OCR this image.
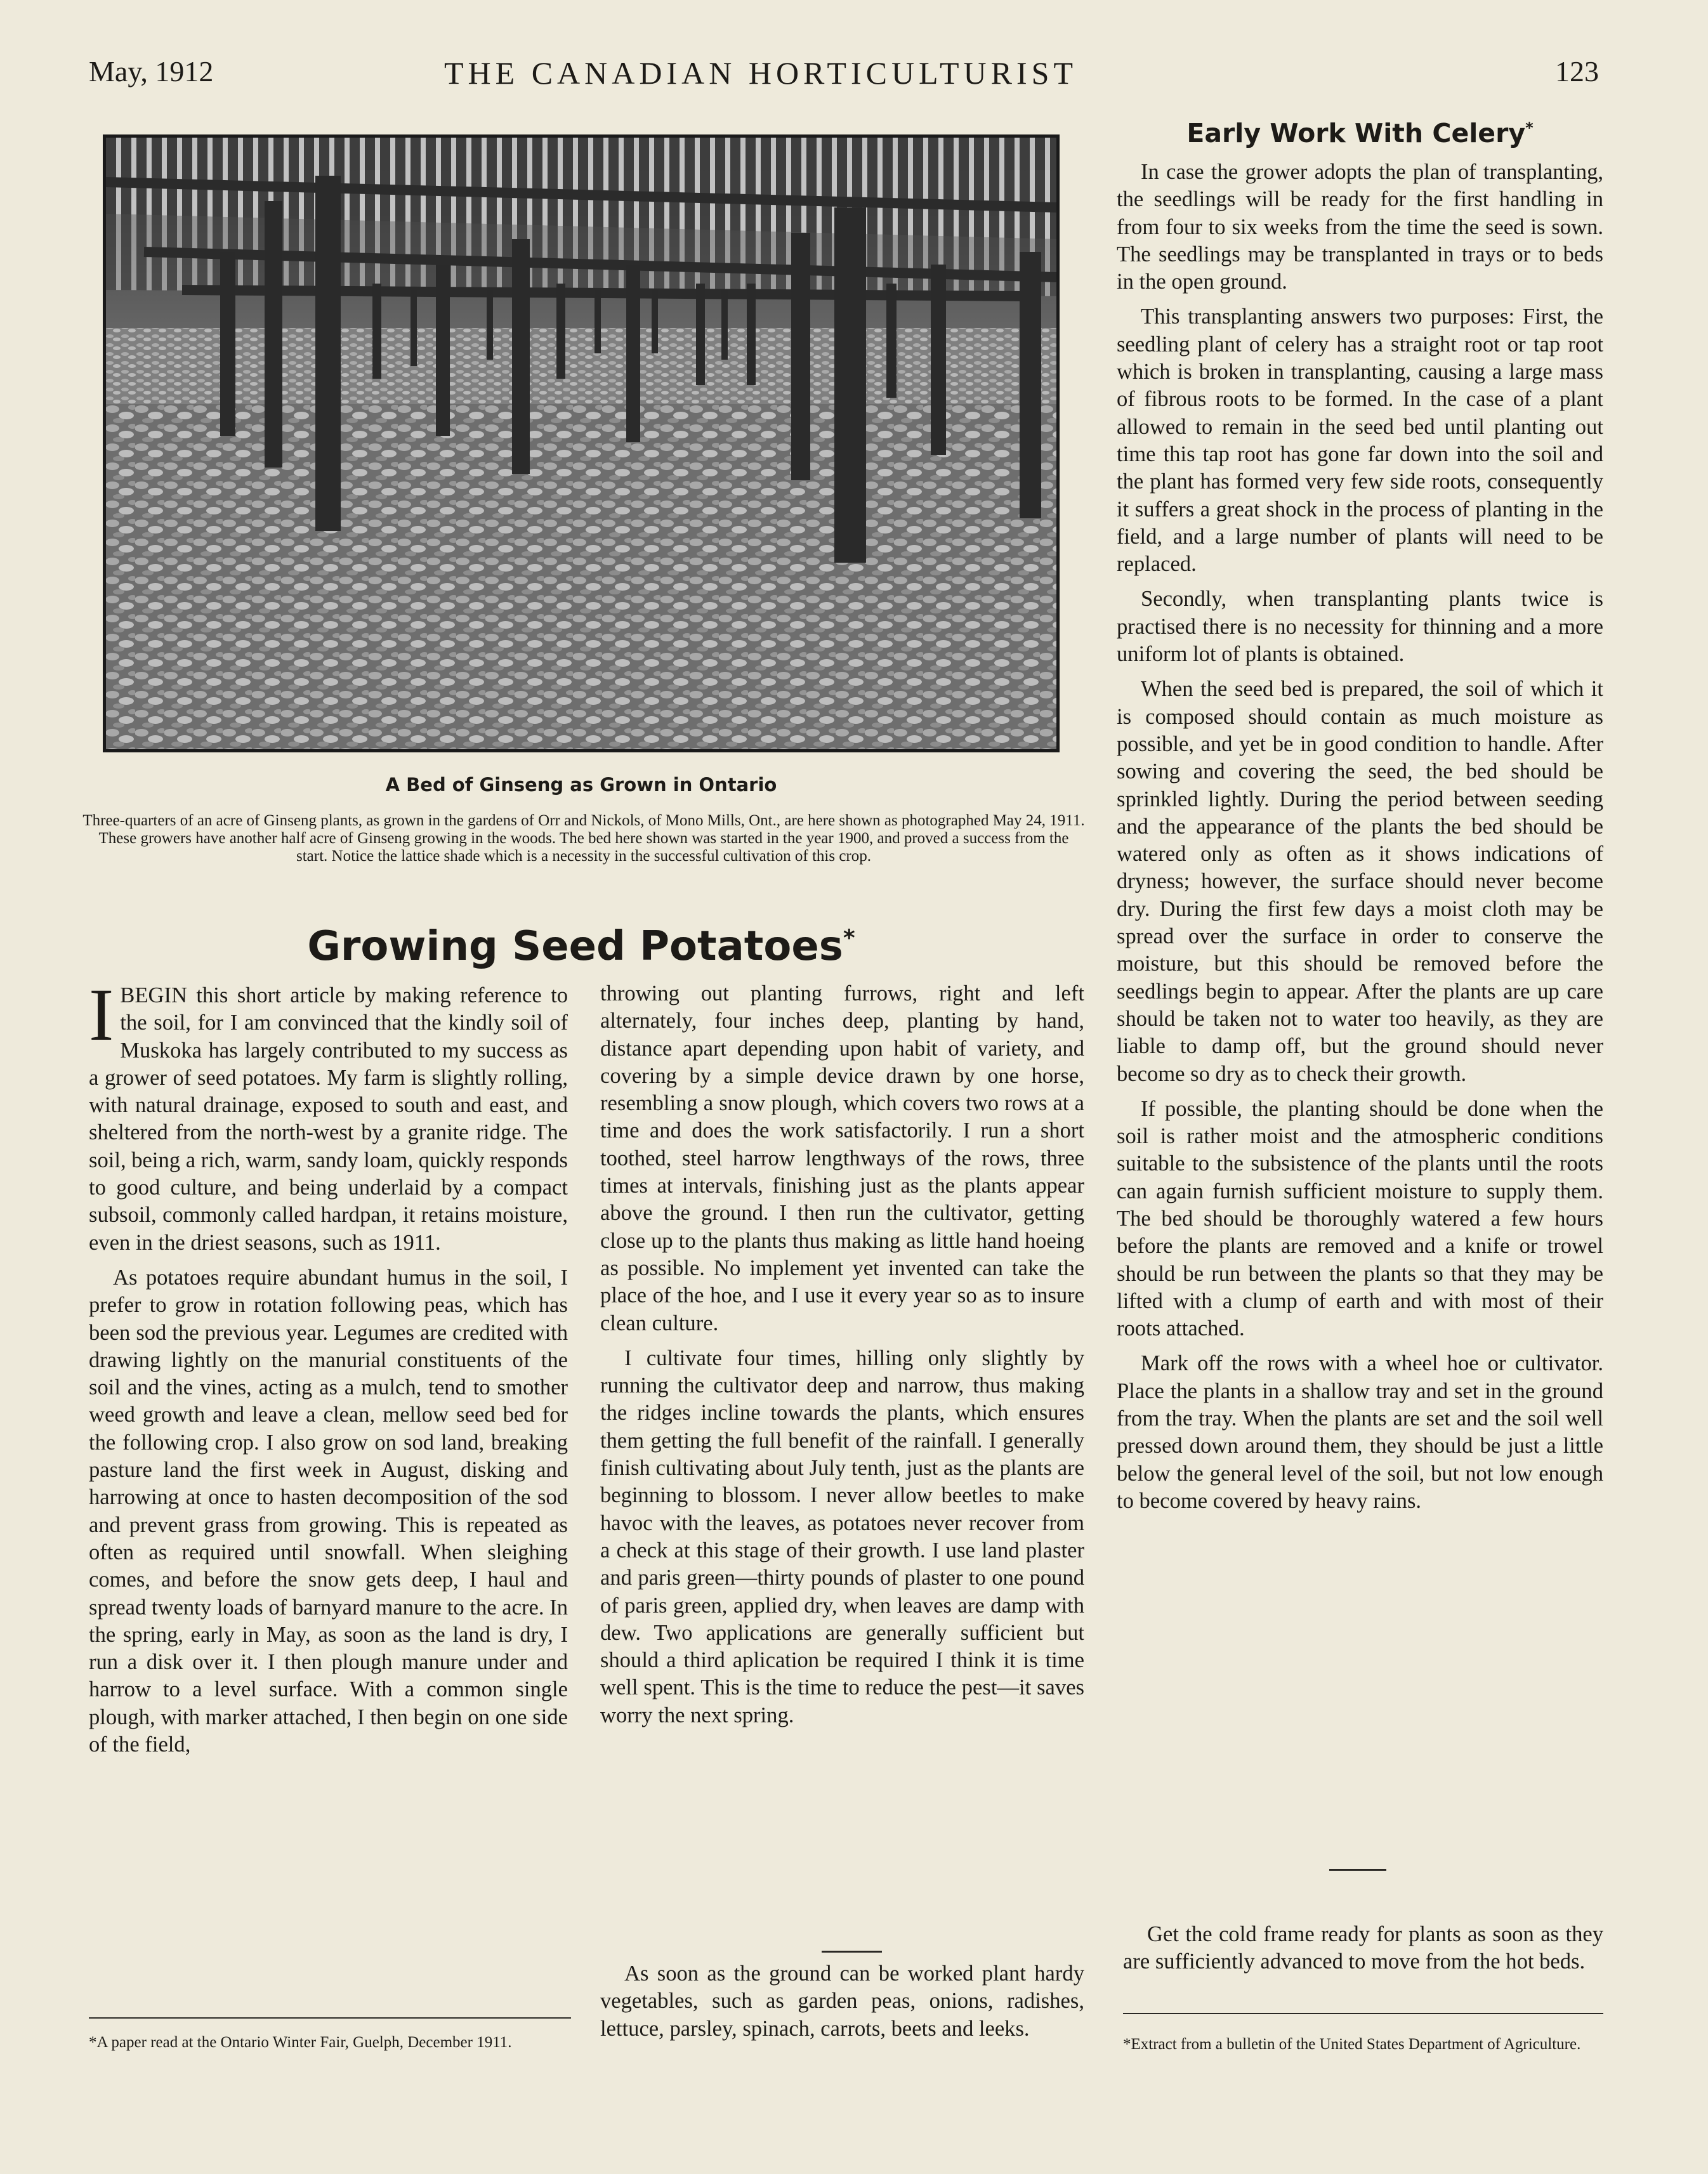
May, 1912	THE CANADIAN HORTICULTURIST	123
A Bed of Ginseng as Grown in Ontario
Three-quarters of an acre of Ginseng plants, as grown in the gardens of Orr and Nickols, of Mono Mills, Ont., are here shown as photographed May 24, 1911. These growers have another half acre of Ginseng growing in the woods. The bed here shown was started in the year 1900, and proved a success from the start. Notice the lattice shade which is a necessity in the successful cultivation of this crop.
Growing Seed Potatoes*

IBEGIN this short article by making reference to the soil, for I am convinced that the kindly soil of Muskoka has largely contributed to my success as a grower of seed potatoes. My farm is slightly rolling, with natural drainage, exposed to south and east, and sheltered from the north-west by a granite ridge. The soil, being a rich, warm, sandy loam, quickly responds to good culture, and being underlaid by a compact subsoil, commonly called hardpan, it retains moisture, even in the driest seasons, such as 1911.

As potatoes require abundant humus in the soil, I prefer to grow in rotation following peas, which has been sod the previous year. Legumes are credited with drawing lightly on the manurial constituents of the soil and the vines, acting as a mulch, tend to smother weed growth and leave a clean, mellow seed bed for the following crop. I also grow on sod land, breaking pasture land the first week in August, disking and harrowing at once to hasten decomposition of the sod and prevent grass from growing. This is repeated as often as required until snowfall. When sleighing comes, and before the snow gets deep, I haul and spread twenty loads of barnyard manure to the acre. In the spring, early in May, as soon as the land is dry, I run a disk over it. I then plough manure under and harrow to a level surface. With a common single plough, with marker attached, I then begin on one side of the field,

throwing out planting furrows, right and left alternately, four inches deep, planting by hand, distance apart depending upon habit of variety, and covering by a simple device drawn by one horse, resembling a snow plough, which covers two rows at a time and does the work satisfactorily. I run a short toothed, steel harrow lengthways of the rows, three times at intervals, finishing just as the plants appear above the ground. I then run the cultivator, getting close up to the plants thus making as little hand hoeing as possible. No implement yet invented can take the place of the hoe, and I use it every year so as to insure clean culture.

I cultivate four times, hilling only slightly by running the cultivator deep and narrow, thus making the ridges incline towards the plants, which ensures them getting the full benefit of the rainfall. I generally finish cultivating about July tenth, just as the plants are beginning to blossom. I never allow beetles to make havoc with the leaves, as potatoes never recover from a check at this stage of their growth. I use land plaster and paris green—thirty pounds of plaster to one pound of paris green, applied dry, when leaves are damp with dew. Two applications are generally sufficient but should a third aplication be required I think it is time well spent. This is the time to reduce the pest—it saves worry the next spring.

As soon as the ground can be worked plant hardy vegetables, such as garden peas, onions, radishes, lettuce, parsley, spinach, carrots, beets and leeks.

*A paper read at the Ontario Winter Fair, Guelph, December 1911.
Early Work With Celery*

In case the grower adopts the plan of transplanting, the seedlings will be ready for the first handling in from four to six weeks from the time the seed is sown. The seedlings may be transplanted in trays or to beds in the open ground.

This transplanting answers two purposes: First, the seedling plant of celery has a straight root or tap root which is broken in transplanting, causing a large mass of fibrous roots to be formed. In the case of a plant allowed to remain in the seed bed until planting out time this tap root has gone far down into the soil and the plant has formed very few side roots, consequently it suffers a great shock in the process of planting in the field, and a large number of plants will need to be replaced.

Secondly, when transplanting plants twice is practised there is no necessity for thinning and a more uniform lot of plants is obtained.

When the seed bed is prepared, the soil of which it is composed should contain as much moisture as possible, and yet be in good condition to handle. After sowing and covering the seed, the bed should be sprinkled lightly. During the period between seeding and the appearance of the plants the bed should be watered only as often as it shows indications of dryness; however, the surface should never become dry. During the first few days a moist cloth may be spread over the surface in order to conserve the moisture, but this should be removed before the seedlings begin to appear. After the plants are up care should be taken not to water too heavily, as they are liable to damp off, but the ground should never become so dry as to check their growth.

If possible, the planting should be done when the soil is rather moist and the atmospheric conditions suitable to the subsistence of the plants until the roots can again furnish sufficient moisture to supply them. The bed should be thoroughly watered a few hours before the plants are removed and a knife or trowel should be run between the plants so that they may be lifted with a clump of earth and with most of their roots attached.

Mark off the rows with a wheel hoe or cultivator. Place the plants in a shallow tray and set in the ground from the tray. When the plants are set and the soil well pressed down around them, they should be just a little below the general level of the soil, but not low enough to become covered by heavy rains.

Get the cold frame ready for plants as soon as they are sufficiently advanced to move from the hot beds.

*Extract from a bulletin of the United States Department of Agriculture.
